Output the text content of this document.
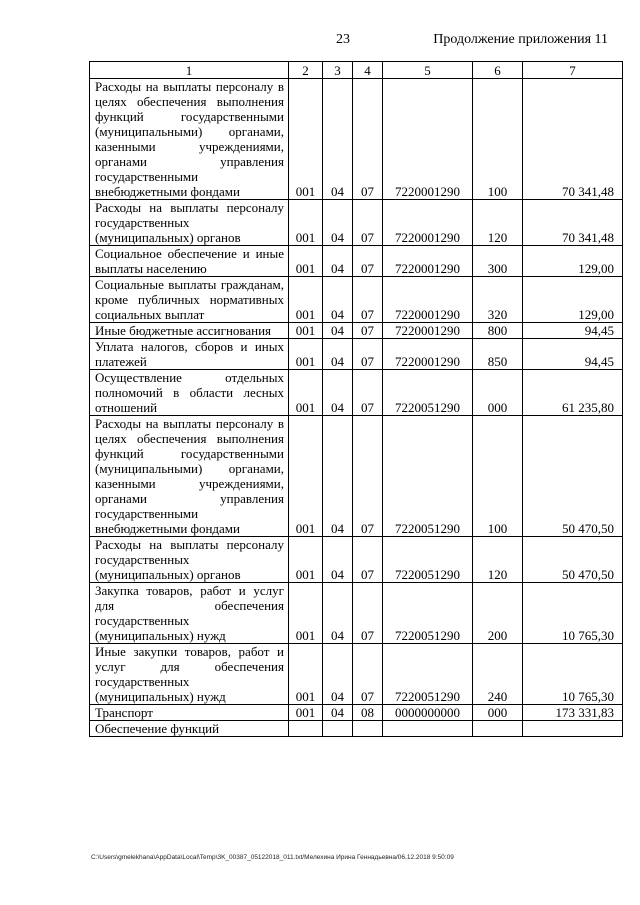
23	Продолжение приложения 11
1	2	3	4	5	6	7
Расходы на выплаты персоналу в целях обеспечения выполнения функций государственными (муниципальными) органами, казенными учреждениями, органами управления государственными внебюджетными фондами	001	04	07	7220001290	100	70 341,48
Расходы на выплаты персоналу государственных (муниципальных) органов	001	04	07	7220001290	120	70 341,48
Социальное обеспечение и иные выплаты населению	001	04	07	7220001290	300	129,00
Социальные выплаты гражданам, кроме публичных нормативных социальных выплат	001	04	07	7220001290	320	129,00
Иные бюджетные ассигнования	001	04	07	7220001290	800	94,45
Уплата налогов, сборов и иных платежей	001	04	07	7220001290	850	94,45
Осуществление отдельных полномочий в области лесных отношений	001	04	07	7220051290	000	61 235,80
Расходы на выплаты персоналу в целях обеспечения выполнения функций государственными (муниципальными) органами, казенными учреждениями, органами управления государственными внебюджетными фондами	001	04	07	7220051290	100	50 470,50
Расходы на выплаты персоналу государственных (муниципальных) органов	001	04	07	7220051290	120	50 470,50
Закупка товаров, работ и услуг для обеспечения государственных (муниципальных) нужд	001	04	07	7220051290	200	10 765,30
Иные закупки товаров, работ и услуг для обеспечения государственных (муниципальных) нужд	001	04	07	7220051290	240	10 765,30
Транспорт	001	04	08	0000000000	000	173 331,83
Обеспечение функций						
C:\Users\gmelekhana\AppData\Local\Temp\3K_00387_05122018_011.txt/Мелехина Ирина Геннадьевна/06.12.2018 9:50:09
